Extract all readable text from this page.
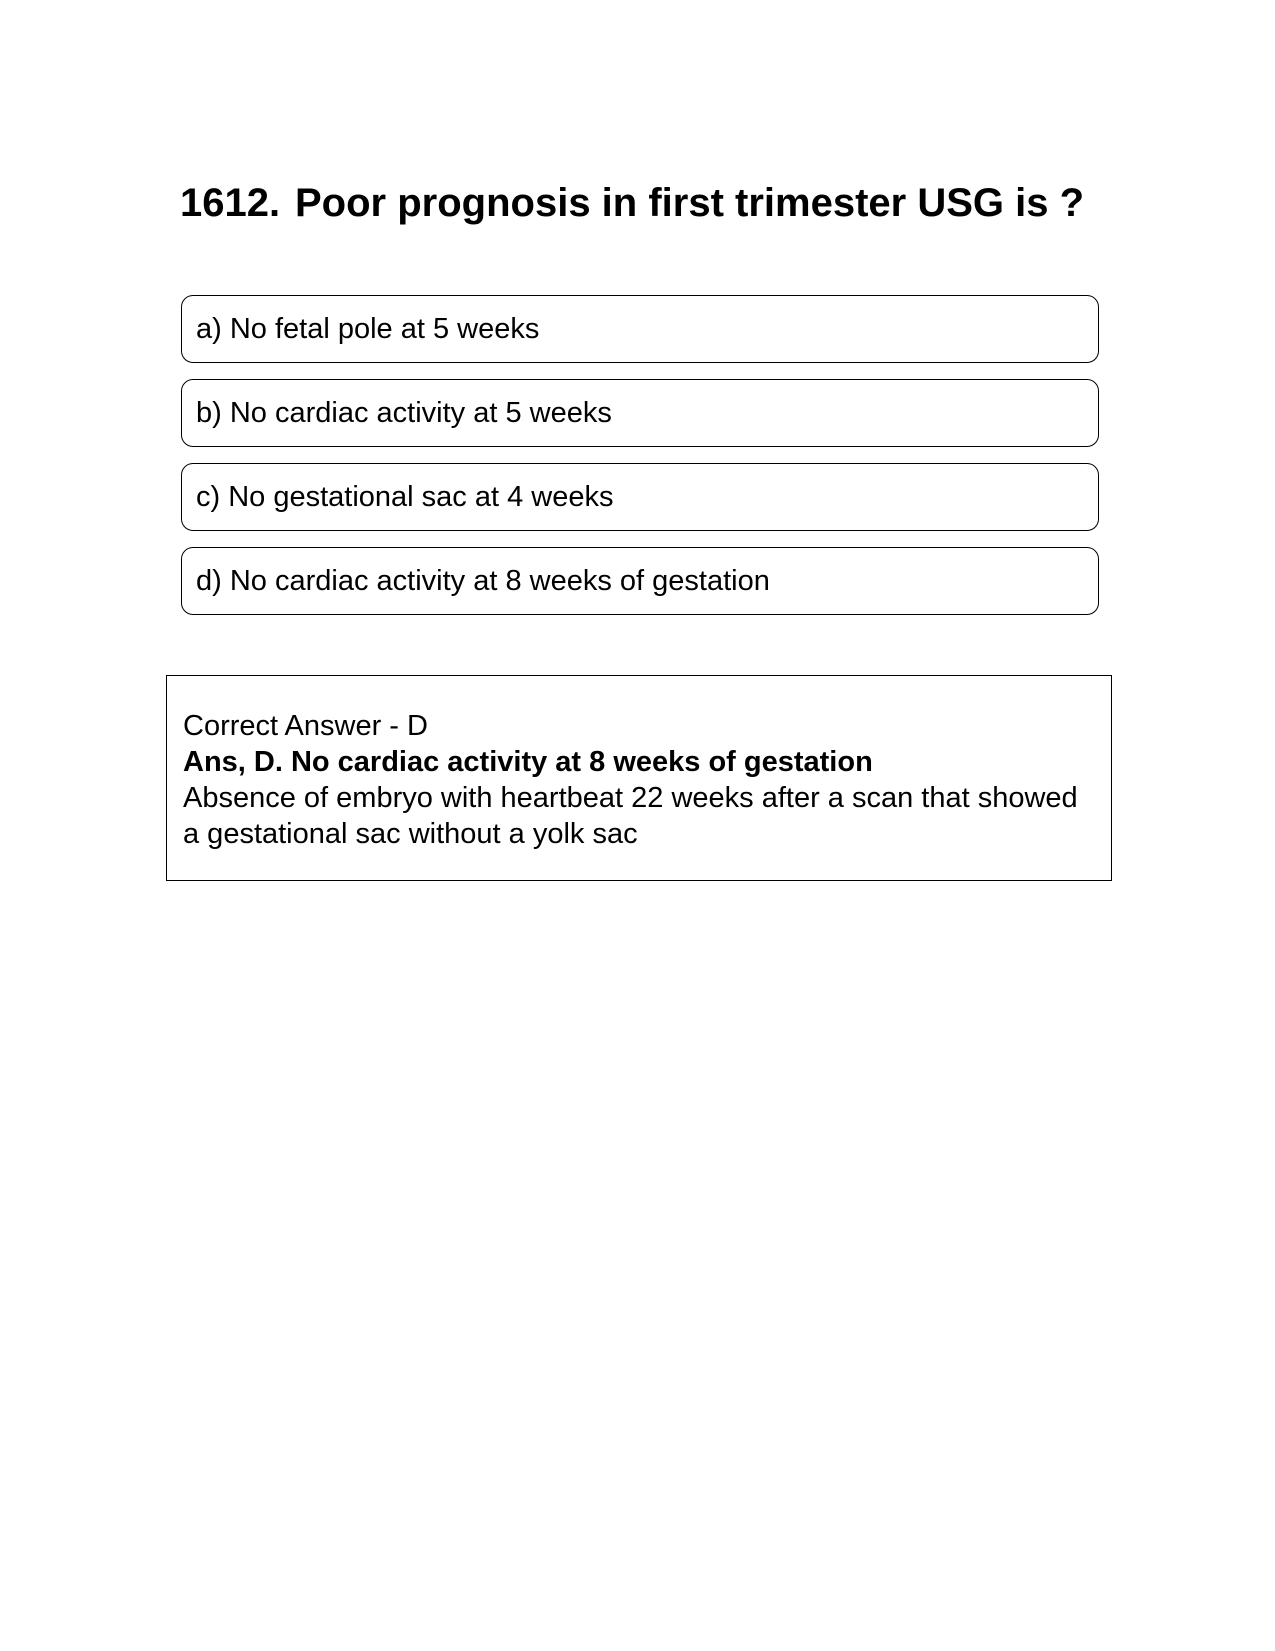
1612. Poor prognosis in first trimester USG is ?
a) No fetal pole at 5 weeks
b) No cardiac activity at 5 weeks
c) No gestational sac at 4 weeks
d) No cardiac activity at 8 weeks of gestation
Correct Answer - D
Ans, D. No cardiac activity at 8 weeks of gestation
Absence of embryo with heartbeat 22 weeks after a scan that showed a gestational sac without a yolk sac
